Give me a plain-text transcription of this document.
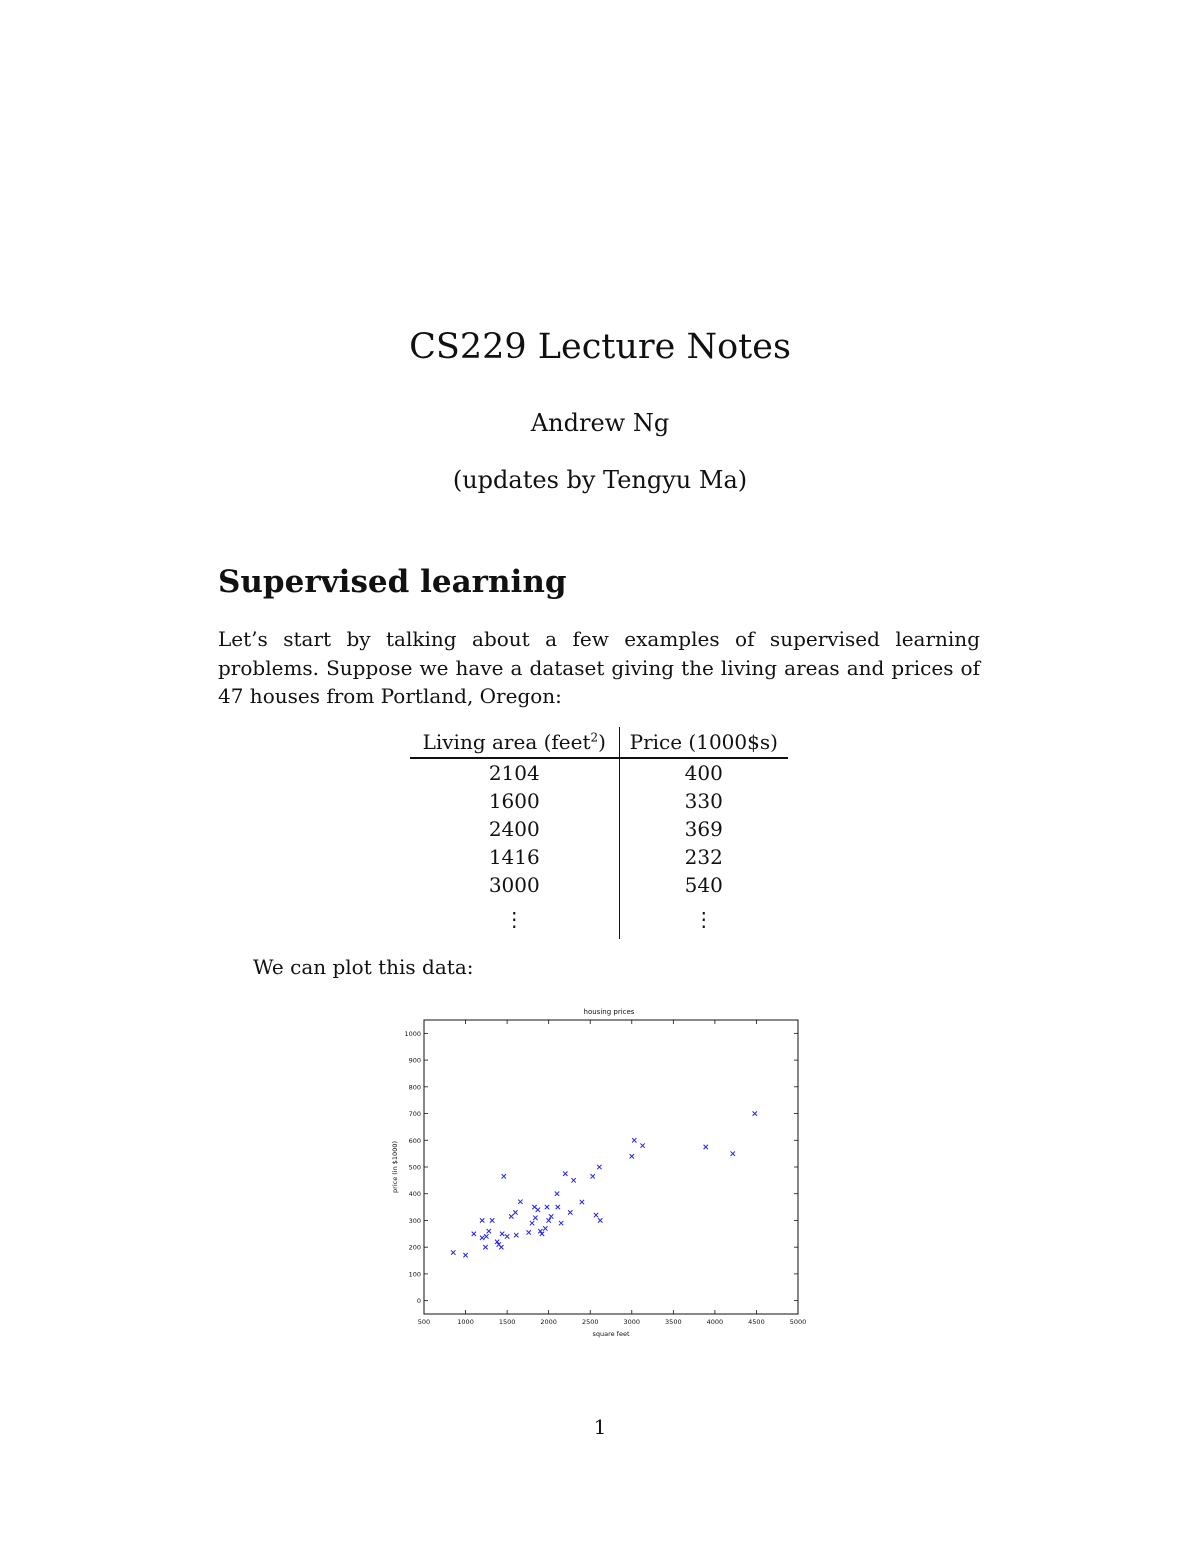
CS229 Lecture Notes
Andrew Ng
(updates by Tengyu Ma)
Supervised learning
Let’s start by talking about a few examples of supervised learning problems. Suppose we have a dataset giving the living areas and prices of 47 houses from Portland, Oregon:
Living area (feet$^2$)	Price (1000$s)
2104	400
1600	330
2400	369
1416	232
3000	540
⋮	⋮
We can plot this data:
housing prices
0
100
200
300
400
500
600
700
800
900
1000
500	1000	1500	2000	2500	3000	3500	4000	4500	5000
square feet
price (in $1000)
1
